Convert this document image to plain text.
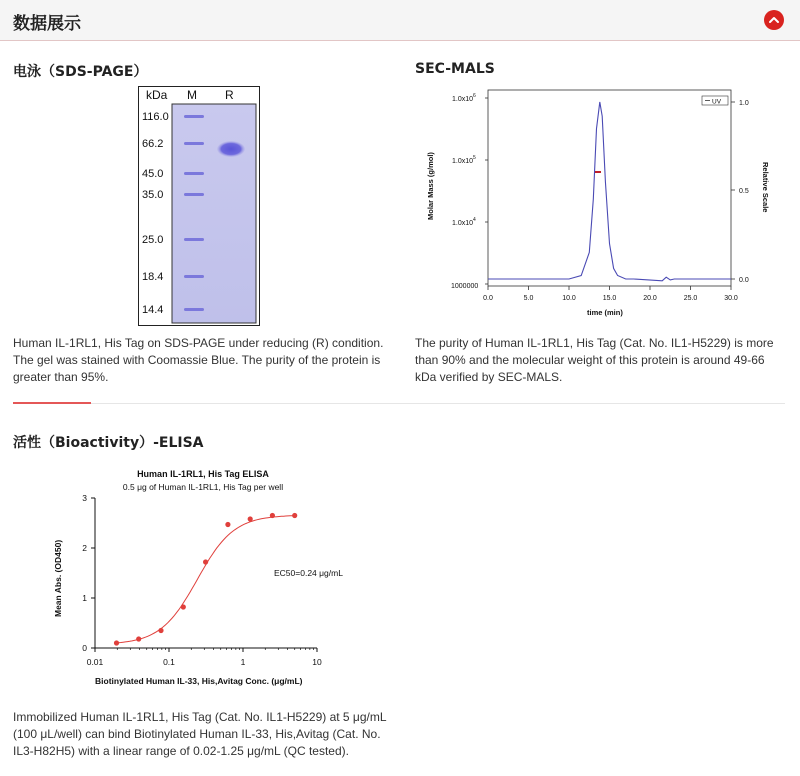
数据展示
电泳（SDS-PAGE）
kDa M R
116.0
66.2
45.0
35.0
25.0
18.4
14.4
Human IL-1RL1, His Tag on SDS-PAGE under reducing (R) condition. The gel was stained with Coomassie Blue. The purity of the protein is greater than 95%.
SEC-MALS
Molar Mass (g/mol)	Relative Scale
time (min)
$1.0x10^6$
$1.0x10^5$
$1.0x10^4$
1000000
1.0
0.5
0.0
0.0	5.0	10.0	15.0	20.0	25.0	30.0
UV
The purity of Human IL-1RL1, His Tag (Cat. No. IL1-H5229) is more than 90% and the molecular weight of this protein is around 49-66 kDa verified by SEC-MALS.
活性（Bioactivity）-ELISA
Human IL-1RL1, His Tag ELISA
0.5 μg of Human IL-1RL1, His Tag per well
Mean Abs. (OD450)
Biotinylated Human IL-33, His,Avitag Conc. (μg/mL)
0
1
2
3
0.01	0.1	1	10
EC50=0.24 μg/mL
Immobilized Human IL-1RL1, His Tag (Cat. No. IL1-H5229) at 5 μg/mL (100 μL/well) can bind Biotinylated Human IL-33, His,Avitag (Cat. No. IL3-H82H5) with a linear range of 0.02-1.25 μg/mL (QC tested).
